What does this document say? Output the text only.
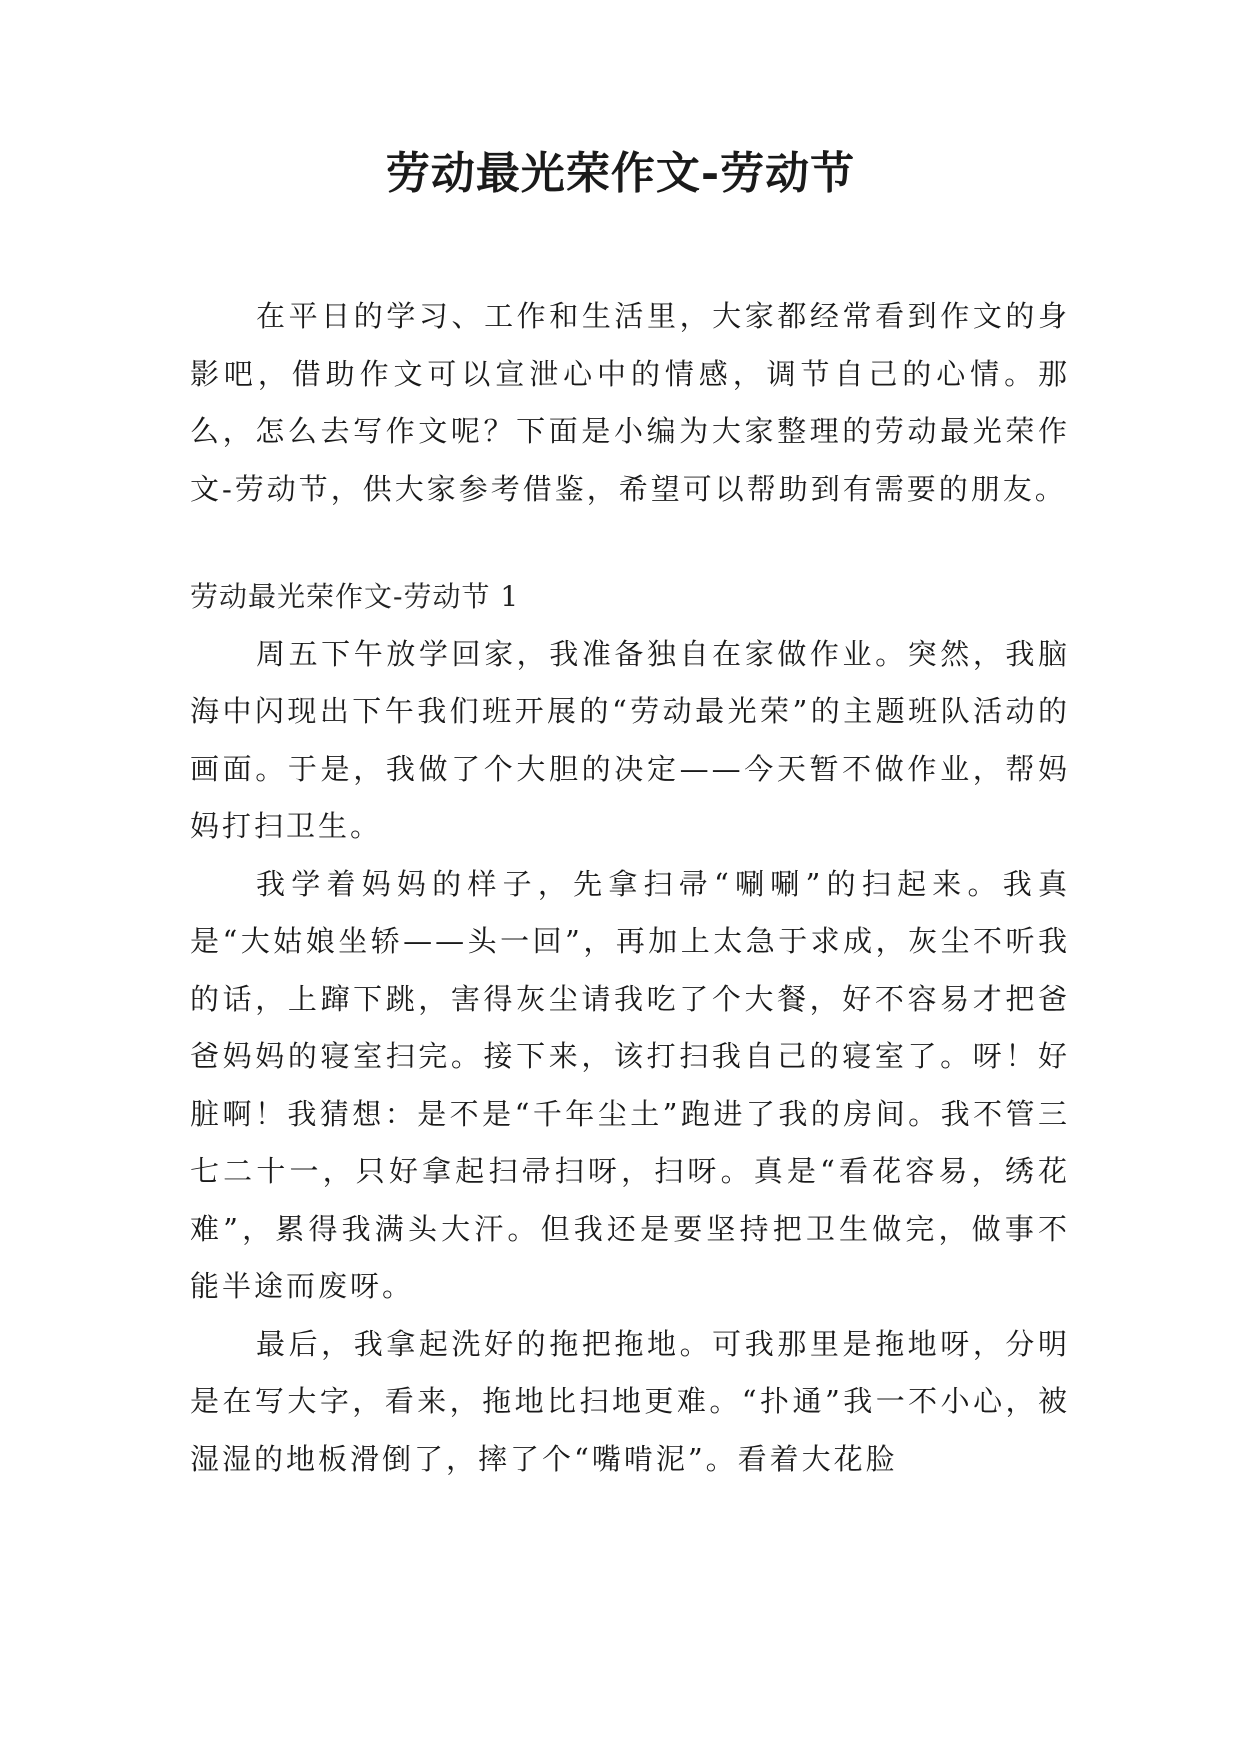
劳动最光荣作文-劳动节

在平日的学习、工作和生活里，大家都经常看到作文的身影吧，借助作文可以宣泄心中的情感，调节自己的心情。那么，怎么去写作文呢？下面是小编为大家整理的劳动最光荣作文-劳动节，供大家参考借鉴，希望可以帮助到有需要的朋友。

劳动最光荣作文-劳动节 1

周五下午放学回家，我准备独自在家做作业。突然，我脑海中闪现出下午我们班开展的“劳动最光荣”的主题班队活动的画面。于是，我做了个大胆的决定——今天暂不做作业，帮妈妈打扫卫生。

我学着妈妈的样子，先拿扫帚“唰唰”的扫起来。我真是“大姑娘坐轿——头一回”，再加上太急于求成，灰尘不听我的话，上蹿下跳，害得灰尘请我吃了个大餐，好不容易才把爸爸妈妈的寝室扫完。接下来，该打扫我自己的寝室了。呀！好脏啊！我猜想：是不是“千年尘土”跑进了我的房间。我不管三七二十一，只好拿起扫帚扫呀，扫呀。真是“看花容易，绣花难”，累得我满头大汗。但我还是要坚持把卫生做完，做事不能半途而废呀。

最后，我拿起洗好的拖把拖地。可我那里是拖地呀，分明是在写大字，看来，拖地比扫地更难。“扑通”我一不小心，被湿湿的地板滑倒了，摔了个“嘴啃泥”。看着大花脸
